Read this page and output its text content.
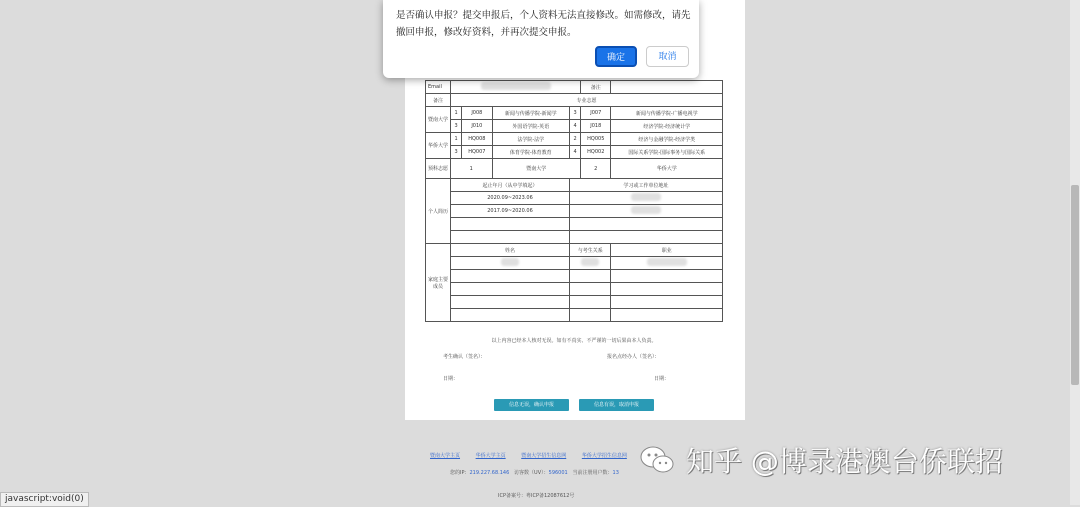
Email					备注	
备注	专业志愿					
暨南大学	1	J008	新闻与传播学院-新闻学	3	J007	新闻与传播学院-广播电视学
	3	J010	外国语学院-英语	4	J018	经济学院-经济统计学
华侨大学	1	HQ008	法学院-法学	2	HQ005	经济与金融学院-经济学类
	3	HQ007	体育学院-体育教育	4	HQ002	国际关系学院-国际事务与国际关系
预科志愿	1		暨南大学		2	华侨大学
个人简历	起止年月（从中学填起）			学习或工作单位地址		
	2020.09~2023.06					
	2017.09~2020.06					

家庭主要成员	姓名			与考生关系		职业

以上内容已经本人核对无误。如有不真实、不严谨的一切后果由本人负责。
考生确认（签名）：	报名点经办人（签名）：
日期：	日期：
信息无误，确认申报	信息有误，取消申报
暨南大学主页	华侨大学主页	暨南大学招生信息网	华侨大学招生信息网
您的IP：219.227.68.146 访客数（UV）：596001 当前注册用户数：13
ICP备案号：粤ICP备12087612号
知乎 @博录港澳台侨联招
javascript:void(0)
是否确认申报？提交申报后，个人资料无法直接修改。如需修改，请先撤回申报，修改好资料，并再次提交申报。
确定	取消
